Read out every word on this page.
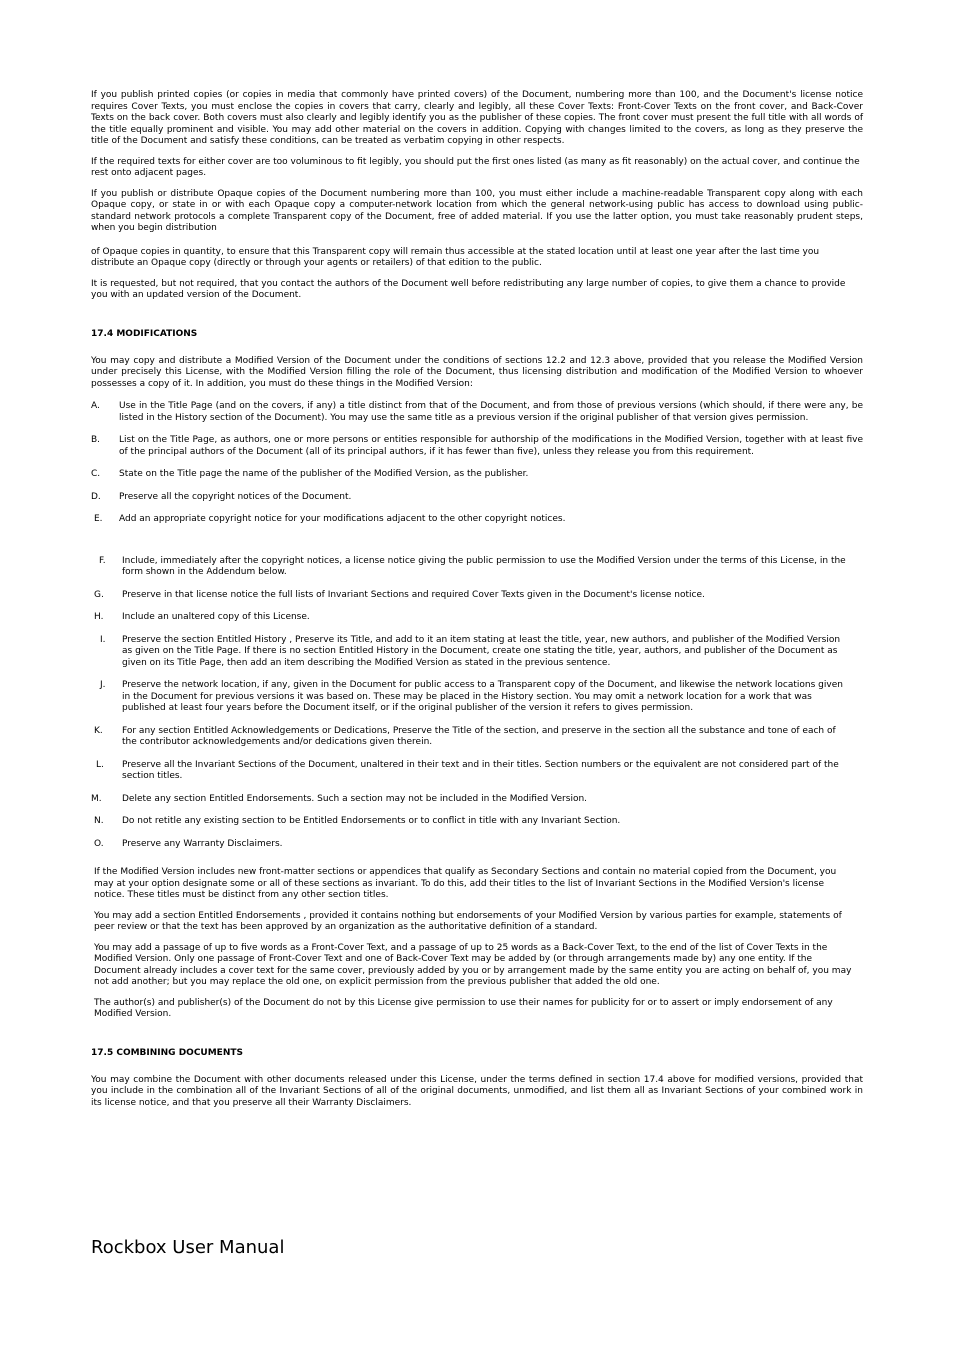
If you publish printed copies (or copies in media that commonly have printed covers) of the Document, numbering more than 100, and the Document's license notice requires Cover Texts, you must enclose the copies in covers that carry, clearly and legibly, all these Cover Texts: Front-Cover Texts on the front cover, and Back-Cover Texts on the back cover. Both covers must also clearly and legibly identify you as the publisher of these copies. The front cover must present the full title with all words of the title equally prominent and visible. You may add other material on the covers in addition. Copying with changes limited to the covers, as long as they preserve the title of the Document and satisfy these conditions, can be treated as verbatim copying in other respects.

If the required texts for either cover are too voluminous to fit legibly, you should put the first ones listed (as many as fit reasonably) on the actual cover, and continue the rest onto adjacent pages.

If you publish or distribute Opaque copies of the Document numbering more than 100, you must either include a machine-readable Transparent copy along with each Opaque copy, or state in or with each Opaque copy a computer-network location from which the general network-using public has access to download using public-standard network protocols a complete Transparent copy of the Document, free of added material. If you use the latter option, you must take reasonably prudent steps, when you begin distribution

of Opaque copies in quantity, to ensure that this Transparent copy will remain thus accessible at the stated location until at least one year after the last time you distribute an Opaque copy (directly or through your agents or retailers) of that edition to the public.

It is requested, but not required, that you contact the authors of the Document well before redistributing any large number of copies, to give them a chance to provide you with an updated version of the Document.

17.4 MODIFICATIONS

You may copy and distribute a Modified Version of the Document under the conditions of sections 12.2 and 12.3 above, provided that you release the Modified Version under precisely this License, with the Modified Version filling the role of the Document, thus licensing distribution and modification of the Modified Version to whoever possesses a copy of it. In addition, you must do these things in the Modified Version:

A. Use in the Title Page (and on the covers, if any) a title distinct from that of the Document, and from those of previous versions (which should, if there were any, be listed in the History section of the Document). You may use the same title as a previous version if the original publisher of that version gives permission.
B. List on the Title Page, as authors, one or more persons or entities responsible for authorship of the modifications in the Modified Version, together with at least five of the principal authors of the Document (all of its principal authors, if it has fewer than five), unless they release you from this requirement.
C. State on the Title page the name of the publisher of the Modified Version, as the publisher.
D. Preserve all the copyright notices of the Document.
E. Add an appropriate copyright notice for your modifications adjacent to the other copyright notices.
F. Include, immediately after the copyright notices, a license notice giving the public permission to use the Modified Version under the terms of this License, in the form shown in the Addendum below.
G. Preserve in that license notice the full lists of Invariant Sections and required Cover Texts given in the Document's license notice.
H. Include an unaltered copy of this License.
I. Preserve the section Entitled History , Preserve its Title, and add to it an item stating at least the title, year, new authors, and publisher of the Modified Version as given on the Title Page. If there is no section Entitled History in the Document, create one stating the title, year, authors, and publisher of the Document as given on its Title Page, then add an item describing the Modified Version as stated in the previous sentence.
J. Preserve the network location, if any, given in the Document for public access to a Transparent copy of the Document, and likewise the network locations given in the Document for previous versions it was based on. These may be placed in the History section. You may omit a network location for a work that was published at least four years before the Document itself, or if the original publisher of the version it refers to gives permission.
K. For any section Entitled Acknowledgements or Dedications, Preserve the Title of the section, and preserve in the section all the substance and tone of each of the contributor acknowledgements and/or dedications given therein.
L. Preserve all the Invariant Sections of the Document, unaltered in their text and in their titles. Section numbers or the equivalent are not considered part of the section titles.
M. Delete any section Entitled Endorsements. Such a section may not be included in the Modified Version.
N. Do not retitle any existing section to be Entitled Endorsements or to conflict in title with any Invariant Section.
O. Preserve any Warranty Disclaimers.

If the Modified Version includes new front-matter sections or appendices that qualify as Secondary Sections and contain no material copied from the Document, you may at your option designate some or all of these sections as invariant. To do this, add their titles to the list of Invariant Sections in the Modified Version's license notice. These titles must be distinct from any other section titles.

You may add a section Entitled Endorsements , provided it contains nothing but endorsements of your Modified Version by various parties for example, statements of peer review or that the text has been approved by an organization as the authoritative definition of a standard.

You may add a passage of up to five words as a Front-Cover Text, and a passage of up to 25 words as a Back-Cover Text, to the end of the list of Cover Texts in the Modified Version. Only one passage of Front-Cover Text and one of Back-Cover Text may be added by (or through arrangements made by) any one entity. If the Document already includes a cover text for the same cover, previously added by you or by arrangement made by the same entity you are acting on behalf of, you may not add another; but you may replace the old one, on explicit permission from the previous publisher that added the old one.

The author(s) and publisher(s) of the Document do not by this License give permission to use their names for publicity for or to assert or imply endorsement of any Modified Version.

17.5 COMBINING DOCUMENTS

You may combine the Document with other documents released under this License, under the terms defined in section 17.4 above for modified versions, provided that you include in the combination all of the Invariant Sections of all of the original documents, unmodified, and list them all as Invariant Sections of your combined work in its license notice, and that you preserve all their Warranty Disclaimers.

Rockbox User Manual
